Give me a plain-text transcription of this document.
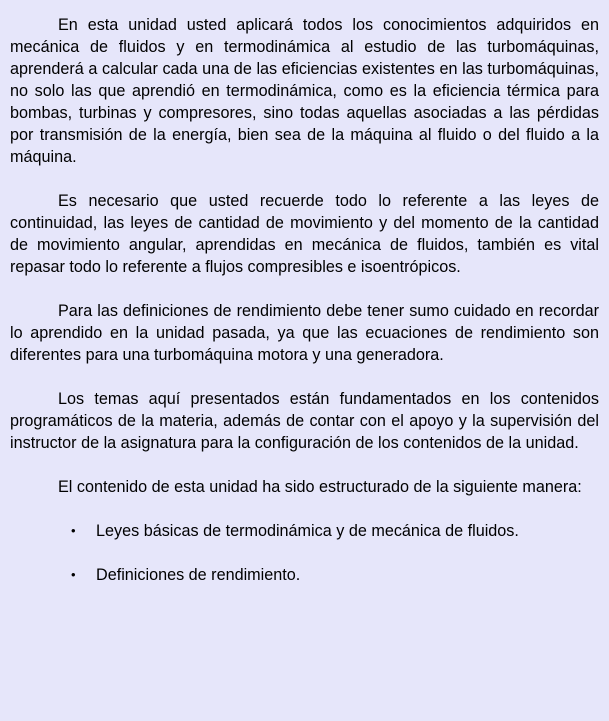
En esta unidad usted aplicará todos los conocimientos adquiridos en mecánica de fluidos y en termodinámica al estudio de las turbomáquinas, aprenderá a calcular cada una de las eficiencias existentes en las turbomáquinas, no solo las que aprendió en termodinámica, como es la eficiencia térmica para bombas, turbinas y compresores, sino todas aquellas asociadas a las pérdidas por transmisión de la energía, bien sea de la máquina al fluido o del fluido a la máquina.

Es necesario que usted recuerde todo lo referente a las leyes de continuidad, las leyes de cantidad de movimiento y del momento de la cantidad de movimiento angular, aprendidas en mecánica de fluidos, también es vital repasar todo lo referente a flujos compresibles e isoentrópicos.

Para las definiciones de rendimiento debe tener sumo cuidado en recordar lo aprendido en la unidad pasada, ya que las ecuaciones de rendimiento son diferentes para una turbomáquina motora y una generadora.

Los temas aquí presentados están fundamentados en los contenidos programáticos de la materia, además de contar con el apoyo y la supervisión del instructor de la asignatura para la configuración de los contenidos de la unidad.

El contenido de esta unidad ha sido estructurado de la siguiente manera:

• Leyes básicas de termodinámica y de mecánica de fluidos.
• Definiciones de rendimiento.
